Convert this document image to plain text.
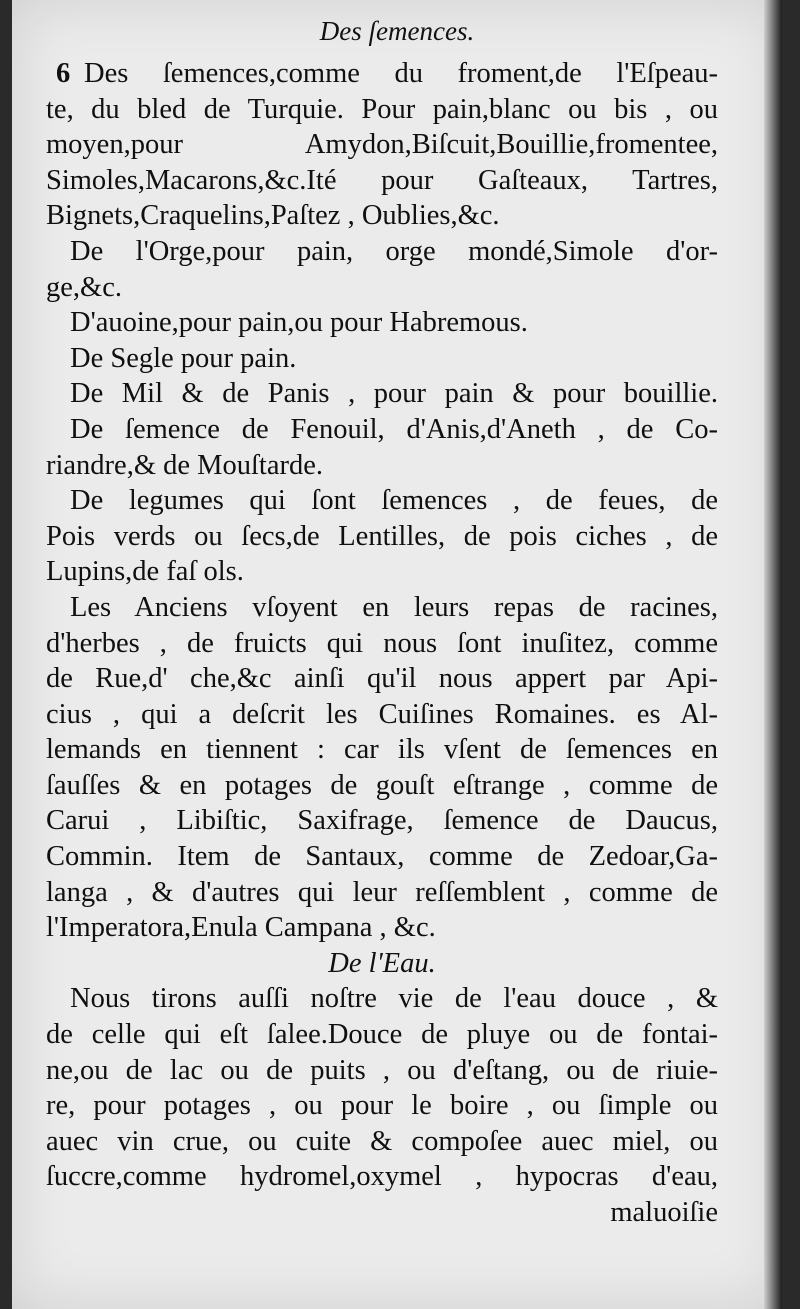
Des ſemences.
6 Des ſemences,comme du froment,de l'Eſpeau-
te, du bled de Turquie. Pour pain,blanc ou bis , ou
moyen,pour Amydon,Biſcuit,Bouillie,fromentee,
Simoles,Macarons,&c.Ité pour Gaſteaux, Tartres,
Bignets,Craquelins,Paſtez , Oublies,&c.
De l'Orge,pour pain, orge mondé,Simole d'or-
ge,&c.
D'auoine,pour pain,ou pour Habremous.
De Segle pour pain.
De Mil & de Panis , pour pain & pour bouillie.
De ſemence de Fenouil, d'Anis,d'Aneth , de Co-
riandre,& de Mouſtarde.
De legumes qui ſont ſemences , de feues, de
Pois verds ou ſecs,de Lentilles, de pois ciches , de
Lupins,de faſ ols.
Les Anciens vſoyent en leurs repas de racines,
d'herbes , de fruicts qui nous ſont inuſitez, comme
de Rue,d' che,&c ainſi qu'il nous appert par Api-
cius , qui a deſcrit les Cuiſines Romaines. es Al-
lemands en tiennent : car ils vſent de ſemences en
ſauſſes & en potages de gouſt eſtrange , comme de
Carui , Libiſtic, Saxifrage, ſemence de Daucus,
Commin. Item de Santaux, comme de Zedoar,Ga-
langa , & d'autres qui leur reſſemblent , comme de
l'Imperatora,Enula Campana , &c.
De l'Eau.
Nous tirons auſſi noſtre vie de l'eau douce , &
de celle qui eſt ſalee.Douce de pluye ou de fontai-
ne,ou de lac ou de puits , ou d'eſtang, ou de riuie-
re, pour potages , ou pour le boire , ou ſimple ou
auec vin crue, ou cuite & compoſee auec miel, ou
ſuccre,comme hydromel,oxymel , hypocras d'eau,
maluoiſie
